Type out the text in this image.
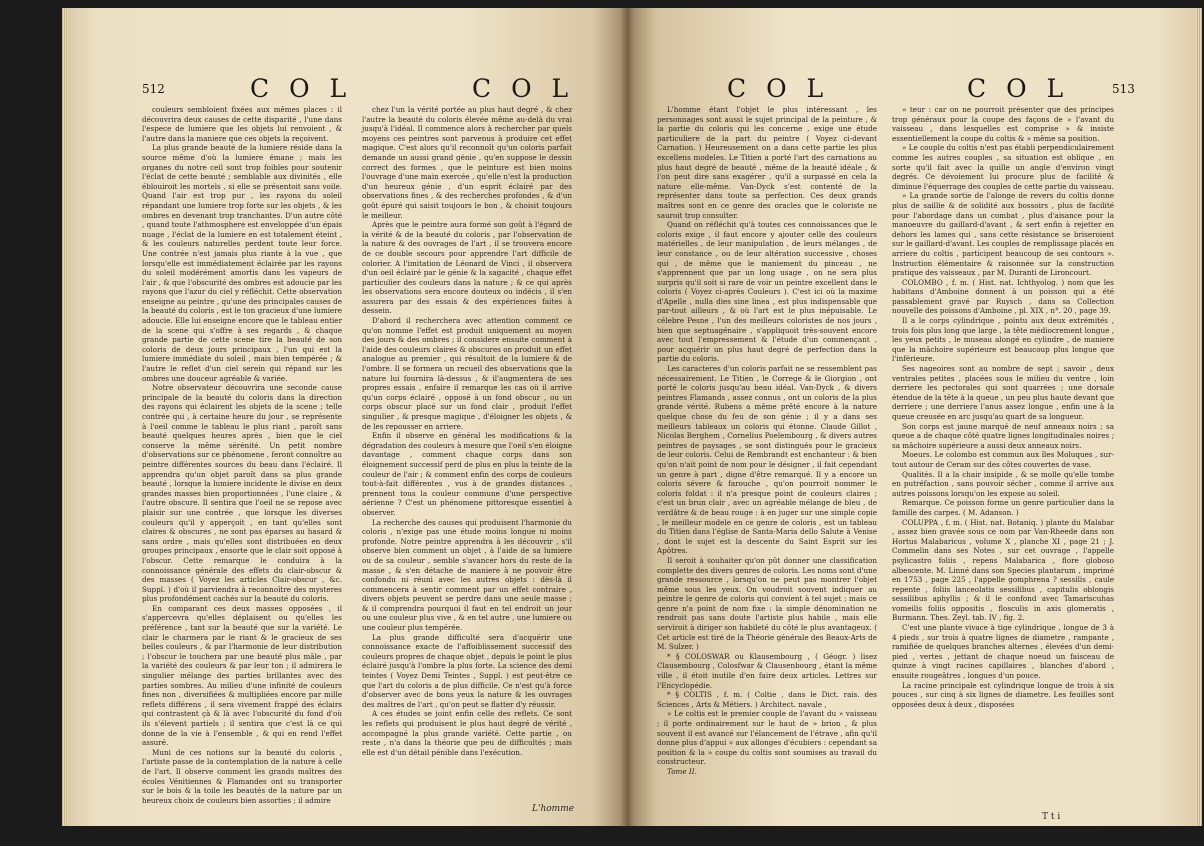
512	C O L	C O L

couleurs sembloient fixées aux mêmes places : il découvrira deux causes de cette disparité , l'une dans l'espece de lumiere que les objets lui renvoient , & l'autre dans la maniere que ces objets la reçoivent.

La plus grande beauté de la lumiere réside dans la source même d'où la lumiere émane ; mais les organes du notre ceil sont trop foibles pour soutenir l'éclat de cette beauté ; semblable aux divinités , elle éblouiroit les mortels , si elle se présentoit sans voile. Quand l'air est trop pur , les rayons du soleil répandant une lumiere trop forte sur les objets , & les ombres en devenant trop tranchantes. D'un autre côté , quand toute l'athmosphere est enveloppée d'un épais nuage , l'éclat de la lumiere en est totalement éteint , & les couleurs naturelles perdent toute leur force. Une contrée n'est jamais plus riante à la vue , que lorsqu'elle est immédiatement éclairée par les rayons du soleil modérément amortis dans les vapeurs de l'air , & que l'obscurité des ombres est adoucie par les rayons que l'azur du ciel y réfléchit. Cette observation enseigne au peintre , qu'une des principales causes de la beauté du coloris , est le ton gracieux d'une lumiere adoucie. Elle lui enseigne encore que le tableau entier de la scene qui s'offre à ses regards , & chaque grande partie de cette scene tire la beauté de son coloris de deux jours principaux , l'un qui est la lumiere immédiate du soleil , mais bien tempérée ; & l'autre le reflet d'un ciel serein qui répand sur les ombres une douceur agréable & variée.

Notre observateur découvrira une seconde cause principale de la beauté du coloris dans la direction des rayons qui éclairent les objets de la scene ; telle contrée qui , à certaine heure du jour , se représente à l'oeil comme le tableau le plus riant , paroît sans beauté quelques heures après , bien que le ciel conserve la même sérénité. Un petit nombre d'observations sur ce phénomene , feront connoître au peintre différentes sources du beau dans l'éclairé. Il apprendra qu'un objet paroît dans sa plus grande beauté , lorsque la lumiere incidente le divise en deux grandes masses bien proportionnées , l'une claire , & l'autre obscure. Il sentira que l'oeil ne se repose avec plaisir sur une contrée , que lorsque les diverses couleurs qu'il y apperçoit , en tant qu'elles sont claires & obscures , ne sont pas éparses au hasard & sans ordre , mais qu'elles sont distribuées en deux groupes principaux , ensorte que le clair soit opposé à l'obscur. Cette remarque le conduira à la connoissance générale des effets du clair-obscur & des masses ( Voyez les articles Clair-obscur , &c. Suppl. ) d'où il parviendra à reconnoître des mysteres plus profondément cachés sur la beauté du coloris.

En comparant ces deux masses opposées , il s'appercevra qu'elles déplaisent ou qu'elles les préférence , tant sur la beauté que sur la variété. Le clair le charmera par le riant & le gracieux de ses belles couleurs , & par l'harmonie de leur distribution ; l'obscur le touchera par une beauté plus mâle , par la variété des couleurs & par leur ton ; il admirera le singulier mélange des parties brillantes avec des parties sombres. Au milieu d'une infinité de couleurs fines non , diversifiées & multipliées encore par mille reflets différens , il sera vivement frappé des éclairs qui contrastent çà & là avec l'obscurité du fond d'où ils s'élevent partiels ; il sentira que c'est là ce qui donne de la vie à l'ensemble , & qui en rend l'effet assuré.

Muni de ces notions sur la beauté du coloris , l'artiste passe de la contemplation de la nature à celle de l'art. Il observe comment les grands maîtres des écoles Vénitiennes & Flamandes ont su transporter sur le bois & la toile les beautés de la nature par un heureux choix de couleurs bien assorties ; il admire

chez l'un la vérité portée au plus haut degré , & chez l'autre la beauté du coloris élevée même au-delà du vrai jusqu'à l'idéal. Il commence alors à rechercher par quels moyens ces peintres sont parvenus à produire cet effet magique. C'est alors qu'il reconnoît qu'un coloris parfait demande un aussi grand génie , qu'en suppose le dessin correct des formes , que le peinture est bien moins l'ouvrage d'une main exercée , qu'elle n'est la production d'un heureux génie , d'un esprit éclairé par des observations fines , & des recherches profondes , & d'un goût épuré qui saisit toujours le bon , & choisit toujours le meilleur.

Après que le peintre aura formé son goût à l'égard de la vérité & de la beauté du coloris , par l'observation de la nature & des ouvrages de l'art , il se trouvera encore de ce double secours pour apprendre l'art difficile de colorier. A l'imitation de Léonard de Vinci , il observera d'un oeil éclairé par le génie & la sagacité , chaque effet particulier des couleurs dans la nature ; & ce qui après les observations sera encore douteux ou indécis , il s'en assurera par des essais & des expériences faites à dessein.

D'abord il recherchera avec attention comment ce qu'on nomme l'effet est produit uniquement au moyen des jours & des ombres ; il considere ensuite comment à l'aide des couleurs claires & obscures on produit un effet analogue au premier , qui résultoit de la lumiere & de l'ombre. Il se formera un recueil des observations que la nature lui fournira là-dessus , & il'augmentera de ses propres essais , enfaire il remarque les cas où il arrive qu'un corps éclairé , opposé à un fond obscur , ou un corps obscur placé sur un fond clair , produit l'effet singulier , & presque magique , d'éloigner les objets , & de les repousser en arriere.

Enfin il observe en général les modifications & la dégradation des couleurs à mesure que l'oeil s'en éloigne davantage , comment chaque corps dans son éloignement successif perd de plus en plus la teinte de la couleur de l'air ; & comment enfin des corps de couleurs tout-à-fait différentes , vus à de grandes distances , prennent tous la couleur commune d'une perspective aérienne ? C'est un phénomene pittoresque essentiel à observer.

La recherche des causes qui produisent l'harmonie du coloris , n'exige pas une étude moins longue ni moins profonde. Notre peintre apprendra à les découvrir , s'il observe bien comment un objet , à l'aide de sa lumiere ou de sa couleur , semble s'avancer hors du reste de la masse , & s'en détache de maniere à ne pouvoir être confondu ni réuni avec les autres objets : dès-là il commencera à sentir comment par un effet contraire , divers objets peuvent se perdre dans une seule masse ; & il comprendra pourquoi il faut en tel endroit un jour ou une couleur plus vive , & en tel autre , une lumiere ou une couleur plus tempérée.

La plus grande difficulté sera d'acquérir une connoissance exacte de l'affoiblissement successif des couleurs propres de chaque objet , depuis le point le plus éclairé jusqu'à l'ombre la plus forte. La science des demi teintes ( Voyez Demi Teintes , Suppl. ) est peut-être ce que l'art du coloris a de plus difficile. Ce n'est qu'à force d'observer avec de bons yeux la nature & les ouvrages des maîtres de l'art , qu'on peut se flatter d'y réussir.

A ces études se joint enfin celle des reflets. Ce sont les reflets qui produisent le plus haut degré de vérité , accompagné la plus grande variété. Cette partie , ou reste , n'a dans la théorie que peu de difficultés ; mais elle est d'un détail pénible dans l'exécution.

L'homme
C O L	C O L	513

L'homme étant l'objet le plus intéressant , les personnages sont aussi le sujet principal de la peinture , & la partie du coloris qui les concerne , exige une étude particuliere de la part du peintre ( Voyez ci-devant Carnation. ) Heureusement on a dans cette partie les plus excellens modeles. Le Titien a porté l'art des carnations au plus haut degré de beauté , même de la beauté idéale , & l'on peut dire sans exagérer , qu'il a surpassé en cela la nature elle-même. Van-Dyck s'est contenté de la représenter dans toute sa perfection. Ces deux grands maîtres sont en ce genre des oracles que le coloriste ne sauroit trop consulter.

Quand on réfléchit qu'à toutes ces connoissances que le coloris exige , il faut encore y ajouter celle des couleurs matérielles , de leur manipulation , de leurs mélanges , de leur constance , ou de leur altération successive , choses qui , de même que le maniement du pinceau , ne s'apprennent que par un long usage , on ne sera plus surpris qu'il soit si rare de voir un peintre excellent dans le coloris ( Voyez ci-après Couleurs ). C'est ici où la maxime d'Apelle , nulla dies sine linea , est plus indispensable que par-tout ailleurs , & où l'art est le plus inépuisable. Le célebre Pesne , l'un des meilleurs coloristes de nos jours , bien que septuagénaire , s'appliquoit très-souvent encore avec tout l'empressement & l'étude d'un commençant , pour acquérir un plus haut degré de perfection dans la partie du coloris.

Les caracteres d'un coloris parfait ne se ressemblent pas nécessairement. Le Titien , le Correge & le Giorgion , ont porté le coloris jusqu'au beau idéal. Van-Dyck , & divers peintres Flamands , assez connus , ont un coloris de la plus grande vérité. Rubens a même prêté encore à la nature quelque chose du feu de son génie ; il y a dans ses meilleurs tableaux un coloris qui étonne. Claude Gillot , Nicolas Berghem , Cornelius Poelembourg , & divers autres peintres de paysages , se sont distingués pour le gracieux de leur coloris. Celui de Rembrandt est enchanteur : & bien qu'on n'ait point de nom pour le désigner , il fait cependant un genre à part , digne d'être remarqué. Il y a encore un coloris sévere & farouche , qu'on pourroit nommer le coloris foldat : il n'a presque point de couleurs claires ; c'est un brun clair , avec un agréable mélange de bleu , de verdâtre & de beau rouge : à en juger sur une simple copie , le meilleur modele en ce genre de coloris , est un tableau du Titien dans l'église de Santa-Maria dello Salute à Venise , dont le sujet est la descente du Saint Esprit sur les Apôtres.

Il seroit à souhaiter qu'on pût donner une classification complette des divers genres de coloris. Les noms sont d'une grande ressource , lorsqu'on ne peut pas montrer l'objet même sous les yeux. On voudroit souvent indiquer au peintre le genre de coloris qui convient à tel sujet ; mais ce genre n'a point de nom fixe : la simple dénomination ne rendroit pas sans doute l'artiste plus habile , mais elle serviroit à diriger son habileté du côté le plus avantageux. ( Cet article est tiré de la Théorie générale des Beaux-Arts de M. Sulzer. )

* § COLOSWAR ou Klausembourg , ( Géogr. ) lisez Clausembourg , Colosfwar & Clausenbourg , étant la même ville , il étoit inutile d'en faire deux articles. Lettres sur l'Encyclopédie.

* § COLTIS , f. m. ( Coltie , dans le Dict. rais. des Sciences , Arts & Métiers. ) Architect. navale ,

» Le coltis est le premier couple de l'avant du » vaisseau ; il porte ordinairement sur le haut de » brion , & plus souvent il est avancé sur l'élancement de l'étrave , afin qu'il donne plus d'appui » aux allonges d'écubiers : cependant sa position & la » coupe du coltis sont soumises au travail du constructeur.

Tome II.

» teur : car on ne pourroit présenter que des principes trop généraux pour la coupe des façons de » l'avant du vaisseau , dans lesquelles est comprise » & insiste essentiellement la coupe du coltis & » même sa position.

» Le couple du coltis n'est pas établi perpendiculairement comme les autres couples , sa situation est oblique , en sorte qu'il fait avec la quille un angle d'environ vingt degrés. Ce dévoiement lui procure plus de facilité & diminue l'équerrage des couples de cette partie du vaisseau.

» La grande sortie de l'alonge de revers du coltis donne plus de saillie & de solidité aux bossoirs , plus de facilité pour l'abordage dans un combat , plus d'aisance pour la manoeuvre du gaillard-d'avant , & sert enfin à rejetter en dehors les lames qui , sans cette résistance se briseroient sur le gaillard-d'avant. Les couples de remplissage placés en arriere du coltis , participent beaucoup de ses contours ». Instruction élémentaire & raisonnée sur la construction pratique des vaisseaux , par M. Duranti de Lironcourt.

COLOMBO , f. m. ( Hist. nat. Ichthyolog. ) nom que les habitans d'Amboine donnent à un poisson qui a été passablement gravé par Ruysch , dans sa Collection nouvelle des poissons d'Amboine , pl. XIX , n°. 20 , page 39.

Il a le corps cylindrique , pointu aux deux extrémités , trois fois plus long que large , la tête médiocrement longue , les yeux petits , le museau alongé en cylindre , de maniere que la mâchoire supérieure est beaucoup plus longue que l'inférieure.

Ses nageoires sont au nombre de sept ; savoir , deux ventrales petites , placées sous le milieu du ventre , loin derriere les pectorales qui sont quarrées ; une dorsale étendue de la tête à la queue , un peu plus haute devant que derriere ; une derriere l'anus assez longue , enfin une à la queue creusée en arc jusqu'au quart de sa longueur.

Son corps est jaune marqué de neuf anneaux noirs ; sa queue a de chaque côté quatre lignes longitudinales noires ; sa mâchoire supérieure a aussi deux anneaux noirs.

Moeurs. Le colombo est commun aux îles Moluques , sur-tout autour de Ceram sur des côtes couvertes de vase.

Qualités. Il a la chair insipide , & se molle qu'elle tombe en putréfaction , sans pouvoir sécher , comme il arrive aux autres poissons lorsqu'on les expose au soleil.

Remarque. Ce poisson forme un genre particulier dans la famille des carpes. ( M. Adanson. )

COLUPPA , f. m. ( Hist. nat. Botaniq. ) plante du Malabar , assez bien gravée sous ce nom par Van-Rheede dans son Hortus Malabaricus , volume X , planche XI , page 21 ; J. Commelin dans ses Notes , sur cet ouvrage , l'appelle psylicastro foliis , repens Malabarica , flore globoso albescente. M. Linné dans son Species plantarum , imprimé en 1753 , page 225 , l'appelle gomphrena ? sessilis , caule repente , foliis lanceolatis sessilibus , capitulis oblongis sessilibus aphyllis ; & il le confond avec Tamariscuhas vomeilis foliis oppositis , flosculis in axis glomeratis , Burmann. Thes. Zeyl. tab. IV , fig. 2.

C'est une plante vivace à tige cylindrique , longue de 3 à 4 pieds , sur trois à quatre lignes de diametre , rampante , ramifiée de quelques branches alternes , élevées d'un demi-pied , vertes , jettant de chaque noeud un faisceau de quinze à vingt racines capillaires , blanches d'abord , ensuite rougeâtres , longues d'un pouce.

La racine principale est cylindrique longue de trois à six pouces , sur cinq à six lignes de diametre. Les feuilles sont opposées deux à deux , disposées

T t i
